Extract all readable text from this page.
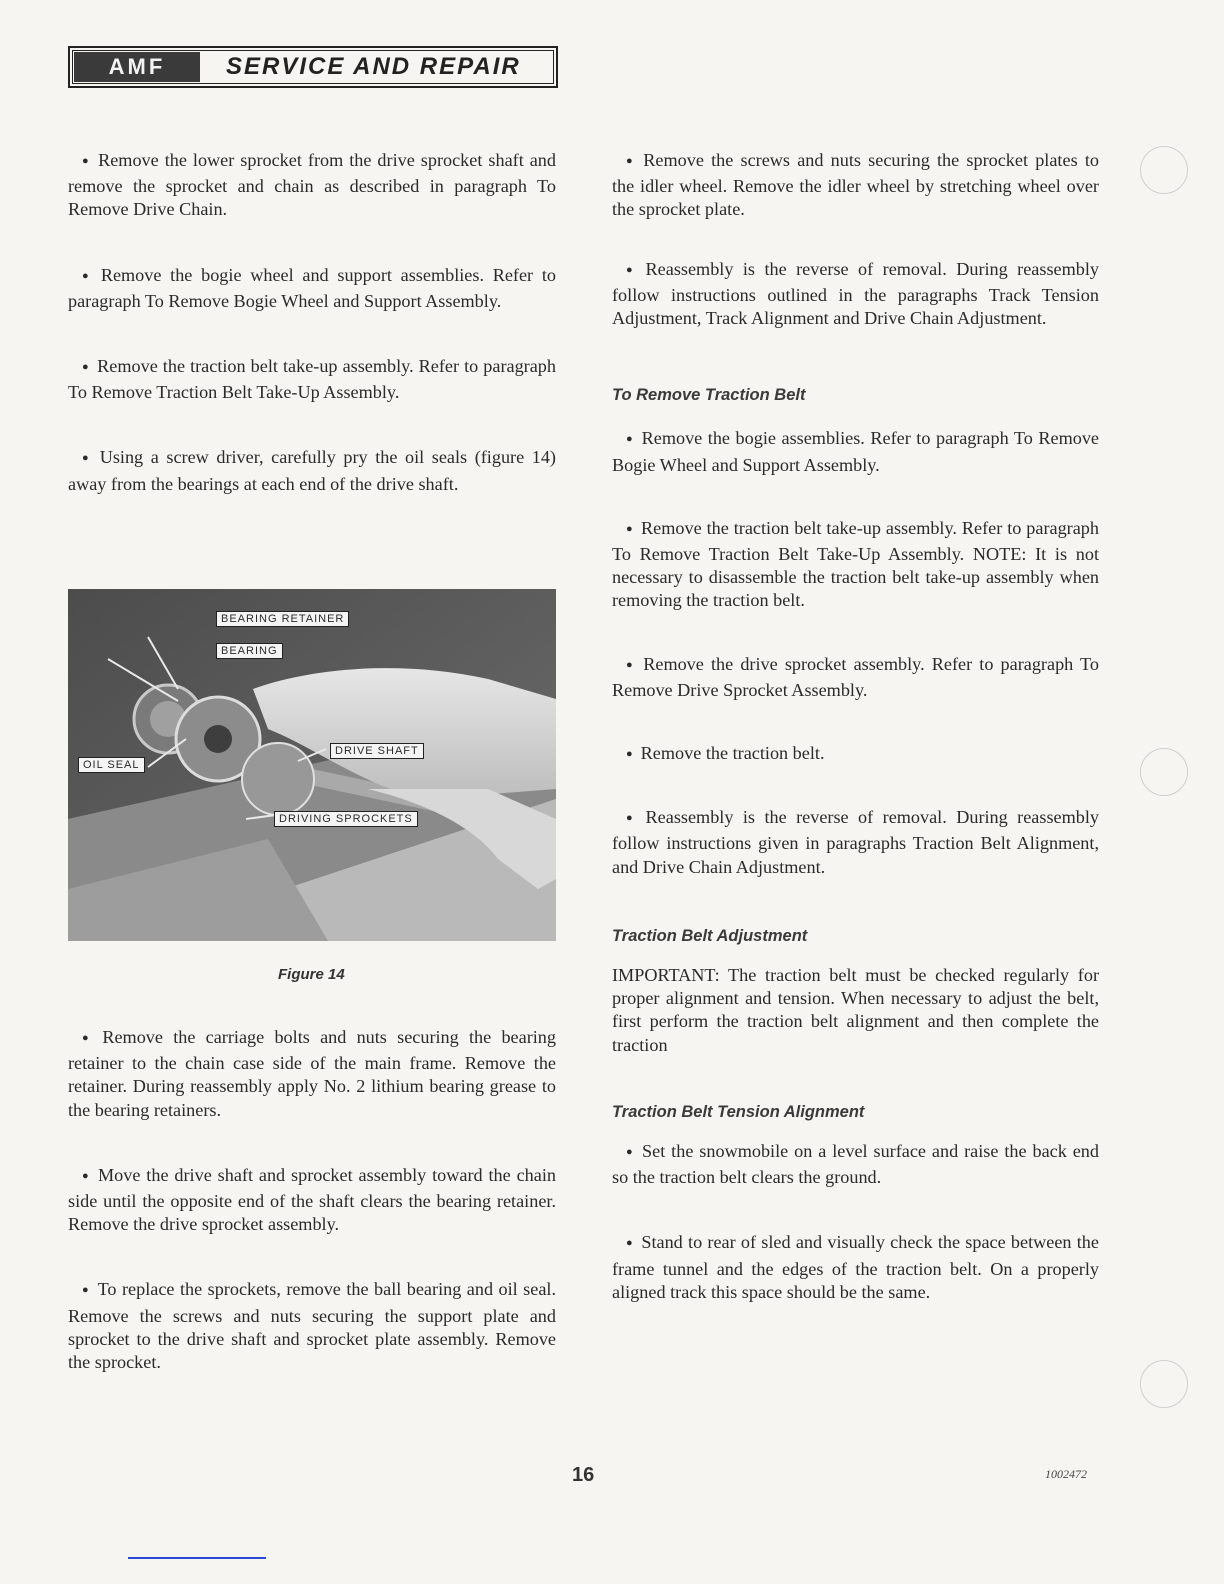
AMF	SERVICE AND REPAIR

● Remove the lower sprocket from the drive sprocket shaft and remove the sprocket and chain as described in paragraph To Remove Drive Chain.

● Remove the bogie wheel and support assemblies. Refer to paragraph To Remove Bogie Wheel and Support Assembly.

● Remove the traction belt take-up assembly. Refer to paragraph To Remove Traction Belt Take-Up Assembly.

● Using a screw driver, carefully pry the oil seals (figure 14) away from the bearings at each end of the drive shaft.

BEARING RETAINER
BEARING
OIL SEAL
DRIVE SHAFT
DRIVING SPROCKETS
Figure 14

● Remove the carriage bolts and nuts securing the bearing retainer to the chain case side of the main frame. Remove the retainer. During reassembly apply No. 2 lithium bearing grease to the bearing retainers.

● Move the drive shaft and sprocket assembly toward the chain side until the opposite end of the shaft clears the bearing retainer. Remove the drive sprocket assembly.

● To replace the sprockets, remove the ball bearing and oil seal. Remove the screws and nuts securing the support plate and sprocket to the drive shaft and sprocket plate assembly. Remove the sprocket.

● Remove the screws and nuts securing the sprocket plates to the idler wheel. Remove the idler wheel by stretching wheel over the sprocket plate.

● Reassembly is the reverse of removal. During reassembly follow instructions outlined in the paragraphs Track Tension Adjustment, Track Alignment and Drive Chain Adjustment.

To Remove Traction Belt

● Remove the bogie assemblies. Refer to paragraph To Remove Bogie Wheel and Support Assembly.

● Remove the traction belt take-up assembly. Refer to paragraph To Remove Traction Belt Take-Up Assembly. NOTE: It is not necessary to disassemble the traction belt take-up assembly when removing the traction belt.

● Remove the drive sprocket assembly. Refer to paragraph To Remove Drive Sprocket Assembly.

● Remove the traction belt.

● Reassembly is the reverse of removal. During reassembly follow instructions given in paragraphs Traction Belt Alignment, and Drive Chain Adjustment.

Traction Belt Adjustment

IMPORTANT: The traction belt must be checked regularly for proper alignment and tension. When necessary to adjust the belt, first perform the traction belt alignment and then complete the traction

Traction Belt Tension Alignment

● Set the snowmobile on a level surface and raise the back end so the traction belt clears the ground.

● Stand to rear of sled and visually check the space between the frame tunnel and the edges of the traction belt. On a properly aligned track this space should be the same.

16	1002472
